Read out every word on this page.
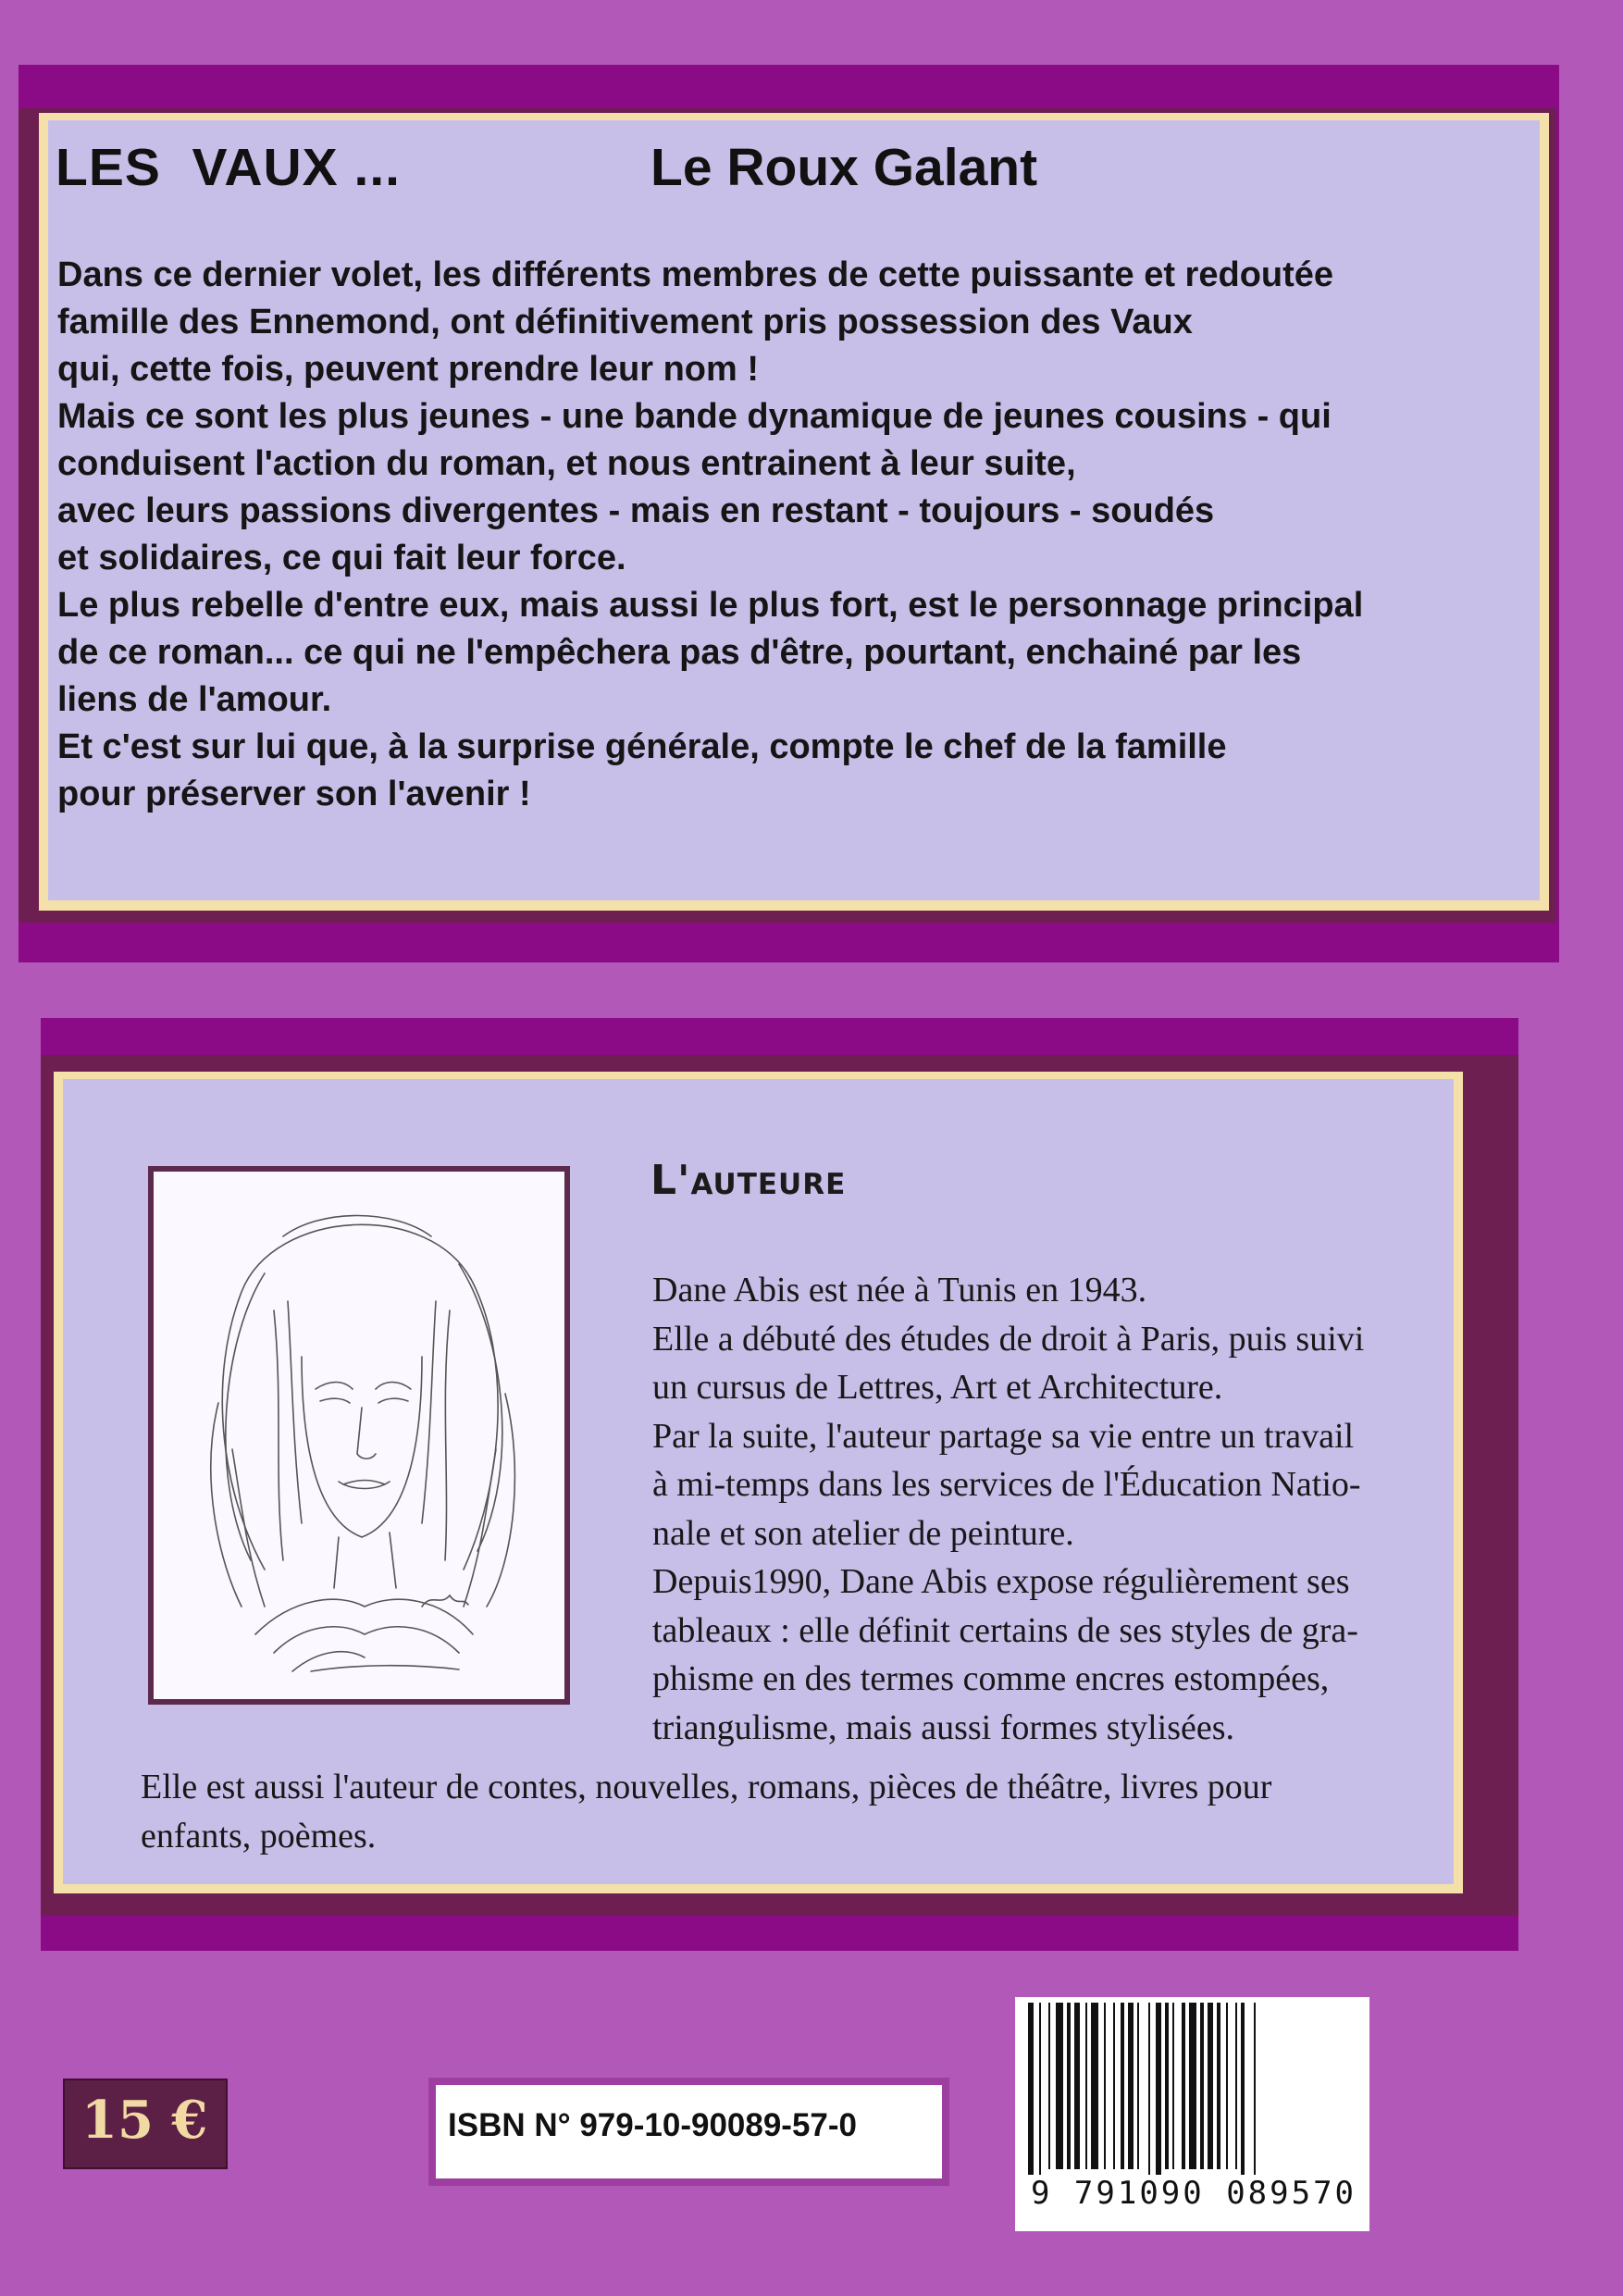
LES  VAUX ...	Le Roux Galant

Dans ce dernier volet, les différents membres de cette puissante et redoutée
famille des Ennemond, ont définitivement pris possession des Vaux
qui, cette fois, peuvent prendre leur nom !
Mais ce sont les plus jeunes - une bande dynamique de jeunes cousins - qui
conduisent l'action du roman, et nous entrainent à leur suite,
avec leurs passions divergentes - mais en restant - toujours - soudés
et solidaires, ce qui fait leur force.
Le plus rebelle d'entre eux, mais aussi le plus fort, est le personnage principal
de ce roman... ce qui ne l'empêchera pas d'être, pourtant, enchainé par les
liens de l'amour.
Et c'est sur lui que, à la surprise générale, compte le chef de la famille
pour préserver son l'avenir !

L'auteure

Dane Abis est née à Tunis en 1943.
Elle a débuté des études de droit à Paris, puis suivi
un cursus de Lettres, Art et Architecture.
Par la suite, l'auteur partage sa vie entre un travail
à mi-temps dans les services de l'Éducation Natio-
nale et son atelier de peinture.
Depuis1990, Dane Abis expose régulièrement ses
tableaux : elle définit certains de ses styles de gra-
phisme en des termes comme encres estompées,
triangulisme, mais aussi formes stylisées.

Elle est aussi l'auteur de contes, nouvelles, romans, pièces de théâtre, livres pour
enfants, poèmes.

15 €	ISBN N° 979-10-90089-57-0

9 791090 089570
